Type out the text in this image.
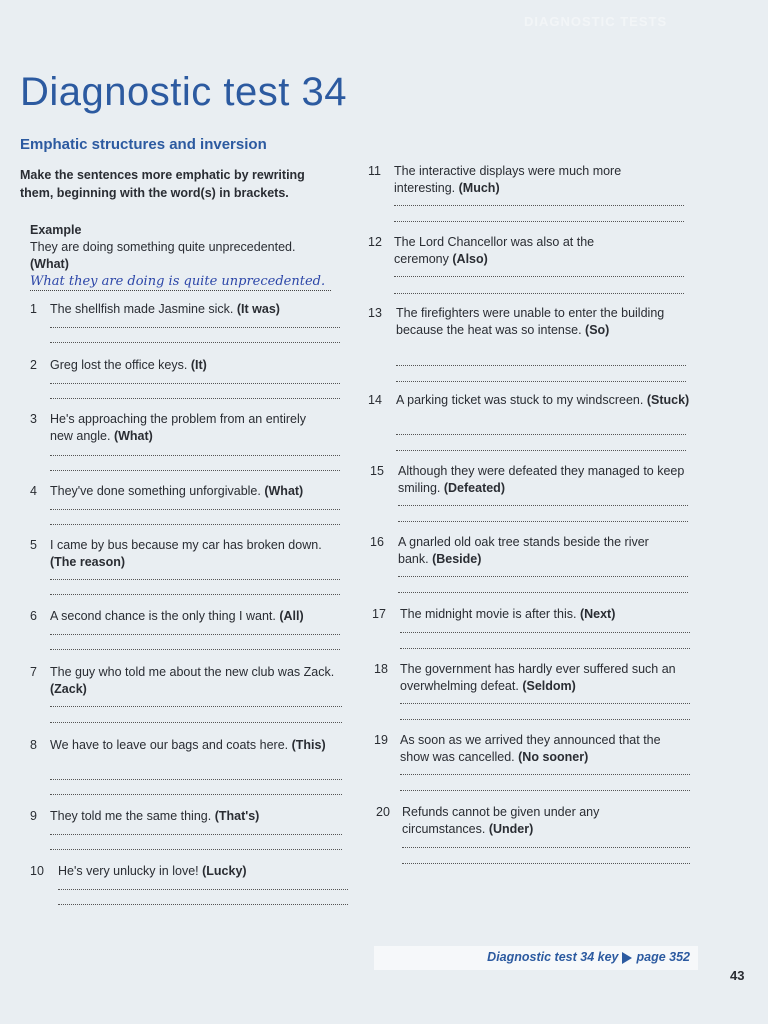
DIAGNOSTIC TESTS
Diagnostic test 34
Emphatic structures and inversion
Make the sentences more emphatic by rewriting them, beginning with the word(s) in brackets.
Example
They are doing something quite unprecedented.
(What)
What they are doing is quite unprecedented.
1	The shellfish made Jasmine sick. (It was)
2	Greg lost the office keys. (It)
3	He's approaching the problem from an entirely new angle. (What)
4	They've done something unforgivable. (What)
5	I came by bus because my car has broken down. (The reason)
6	A second chance is the only thing I want. (All)
7	The guy who told me about the new club was Zack. (Zack)
8	We have to leave our bags and coats here. (This)
9	They told me the same thing. (That's)
10	He's very unlucky in love! (Lucky)
11	The interactive displays were much more interesting. (Much)
12 The Lord Chancellor was also at the ceremony (Also)
13	The firefighters were unable to enter the building because the heat was so intense. (So)
14	A parking ticket was stuck to my windscreen. (Stuck)
15	Although they were defeated they managed to keep smiling. (Defeated)
16	A gnarled old oak tree stands beside the river bank. (Beside)
17	The midnight movie is after this. (Next)
18 The government has hardly ever suffered such an overwhelming defeat. (Seldom)
19 As soon as we arrived they announced that the show was cancelled. (No sooner)
20 Refunds cannot be given under any circumstances. (Under)
Diagnostic test 34 key page 352
43
